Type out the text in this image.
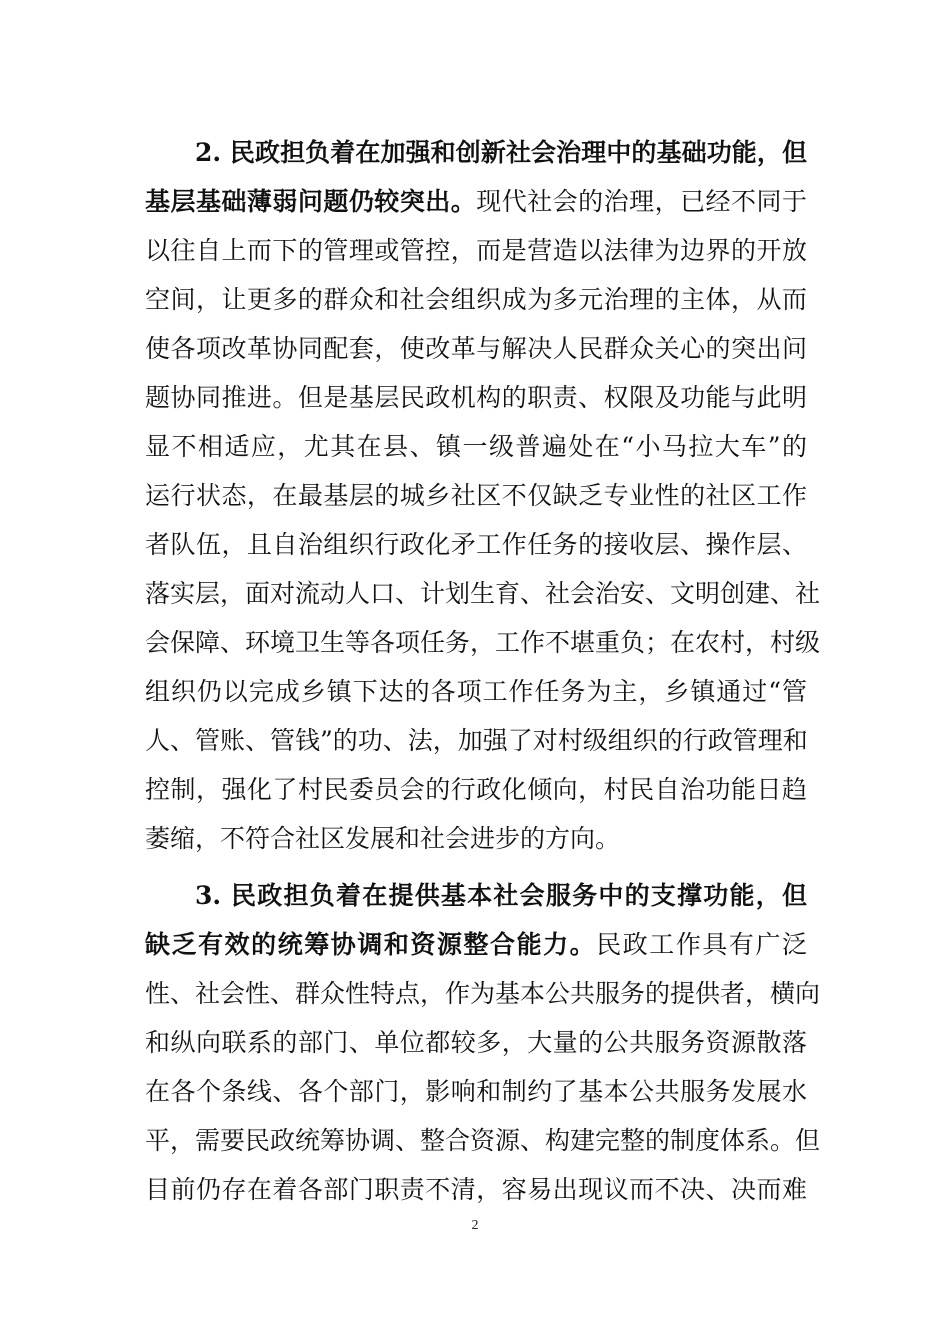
2. 民政担负着在加强和创新社会治理中的基础功能，但
基层基础薄弱问题仍较突出。现代社会的治理，已经不同于
以往自上而下的管理或管控，而是营造以法律为边界的开放
空间，让更多的群众和社会组织成为多元治理的主体，从而
使各项改革协同配套，使改革与解决人民群众关心的突出问
题协同推进。但是基层民政机构的职责、权限及功能与此明
显不相适应，尤其在县、镇一级普遍处在“小马拉大车”的
运行状态，在最基层的城乡社区不仅缺乏专业性的社区工作
者队伍，且自治组织行政化矛工作任务的接收层、操作层、
落实层，面对流动人口、计划生育、社会治安、文明创建、社
会保障、环境卫生等各项任务，工作不堪重负；在农村，村级
组织仍以完成乡镇下达的各项工作任务为主，乡镇通过“管
人、管账、管钱”的功、法，加强了对村级组织的行政管理和
控制，强化了村民委员会的行政化倾向，村民自治功能日趋
萎缩，不符合社区发展和社会进步的方向。
3. 民政担负着在提供基本社会服务中的支撑功能，但
缺乏有效的统筹协调和资源整合能力。民政工作具有广泛
性、社会性、群众性特点，作为基本公共服务的提供者，横向
和纵向联系的部门、单位都较多，大量的公共服务资源散落
在各个条线、各个部门，影响和制约了基本公共服务发展水
平，需要民政统筹协调、整合资源、构建完整的制度体系。但
目前仍存在着各部门职责不清，容易出现议而不决、决而难
2
